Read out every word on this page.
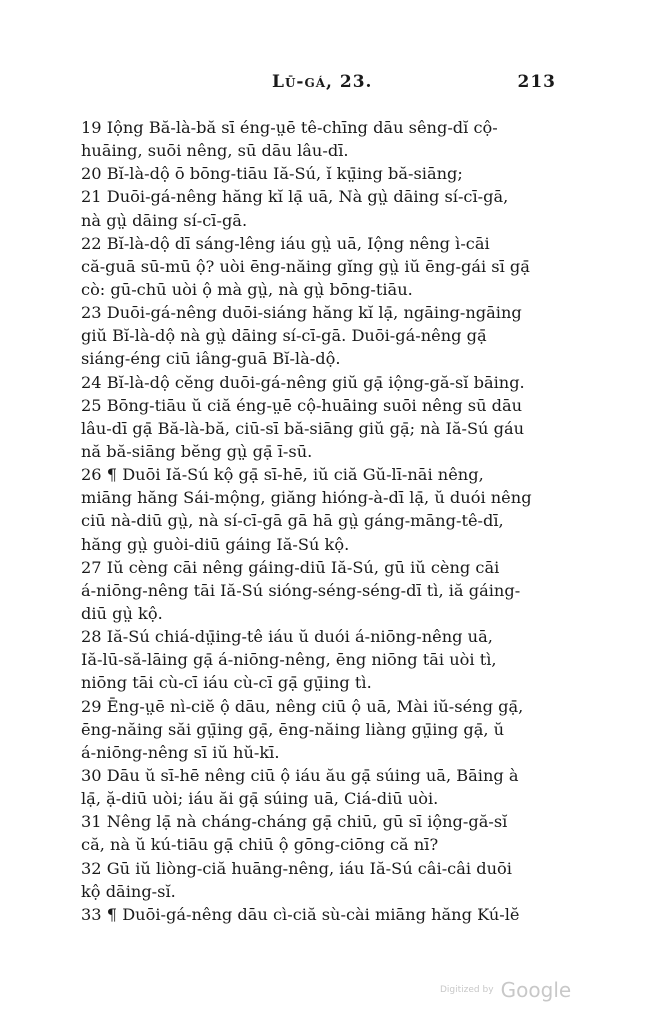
Lū-gá, 23.	213
19 Iộng Bă-là-bă sī éng-ṳē tê-chīng dāu sêng-dĭ cộ-
huāing, suōi nêng, sū dāu lâu-dī.
20 Bĭ-là-dộ ō bōng-tiāu Iă-Sú, ĭ kṳ̄ing bă-siāng;
21 Duōi-gá-nêng hăng kĭ lạ̄ uā, Nà gṳ̀ dāing sí-cī-gā,
nà gṳ̀ dāing sí-cī-gā.
22 Bĭ-là-dộ dī sáng-lêng iáu gṳ̀ uā, Iộng nêng ì-cāi
că-guā sū-mū ộ? uòi ēng-năing gĭng gṳ̀ iŭ ēng-gái sī gạ̄
cò: gū-chū uòi ộ mà gṳ̀, nà gṳ̀ bōng-tiāu.
23 Duōi-gá-nêng duōi-siáng hăng kĭ lạ̄, ngāing-ngāing
giŭ Bĭ-là-dộ nà gṳ̀ dāing sí-cī-gā. Duōi-gá-nêng gạ̄
siáng-éng ciū iâng-guā Bĭ-là-dộ.
24 Bĭ-là-dộ cĕng duōi-gá-nêng giŭ gạ̄ iộng-gă-sĭ bāing.
25 Bōng-tiāu ŭ ciă éng-ṳē cộ-huāing suōi nêng sū dāu
lâu-dī gạ̄ Bă-là-bă, ciū-sī bă-siāng giŭ gạ̄; nà Iă-Sú gáu
nă bă-siāng bĕng gṳ̀ gạ̄ ī-sū.
26 ¶ Duōi Iă-Sú kộ gạ̄ sī-hē, iŭ ciă Gŭ-lī-nāi nêng,
miāng hăng Sái-mộng, giăng hióng-à-dī lạ̄, ŭ duói nêng
ciū nà-diū gṳ̀, nà sí-cī-gā gā hā gṳ̀ gáng-māng-tê-dī,
hăng gṳ̀ guòi-diū gáing Iă-Sú kộ.
27 Iŭ cèng cāi nêng gáing-diū Iă-Sú, gū iŭ cèng cāi
á-niōng-nêng tāi Iă-Sú sióng-séng-séng-dī tì, iă gáing-
diū gṳ̀ kộ.
28 Iă-Sú chiá-dṳ̄ing-tê iáu ŭ duói á-niōng-nêng uā,
Iă-lū-să-lāing gạ̄ á-niōng-nêng, ēng niōng tāi uòi tì,
niōng tāi cù-cī iáu cù-cī gạ̄ gṳ̄ing tì.
29 Ēng-ṳē nì-ciĕ ộ dāu, nêng ciū ộ uā, Mài iŭ-séng gạ̄,
ēng-năing săi gṳ̄ing gạ̄, ēng-năing liàng gṳ̄ing gạ̄, ŭ
á-niōng-nêng sī iŭ hŭ-kī.
30 Dāu ŭ sī-hē nêng ciū ộ iáu ău gạ̄ súing uā, Bāing à
lạ̄, ặ-diū uòi; iáu ăi gạ̄ súing uā, Ciá-diū uòi.
31 Nêng lạ̄ nà cháng-cháng gạ̄ chiū, gū sī iộng-gă-sĭ
că, nà ŭ kú-tiāu gạ̄ chiū ộ gōng-ciōng că nī?
32 Gū iŭ liòng-ciă huāng-nêng, iáu Iă-Sú câi-câi duōi
kộ dāing-sĭ.
33 ¶ Duōi-gá-nêng dāu cì-ciă sù-cài miāng hăng Kú-lĕ
Digitized by Google
